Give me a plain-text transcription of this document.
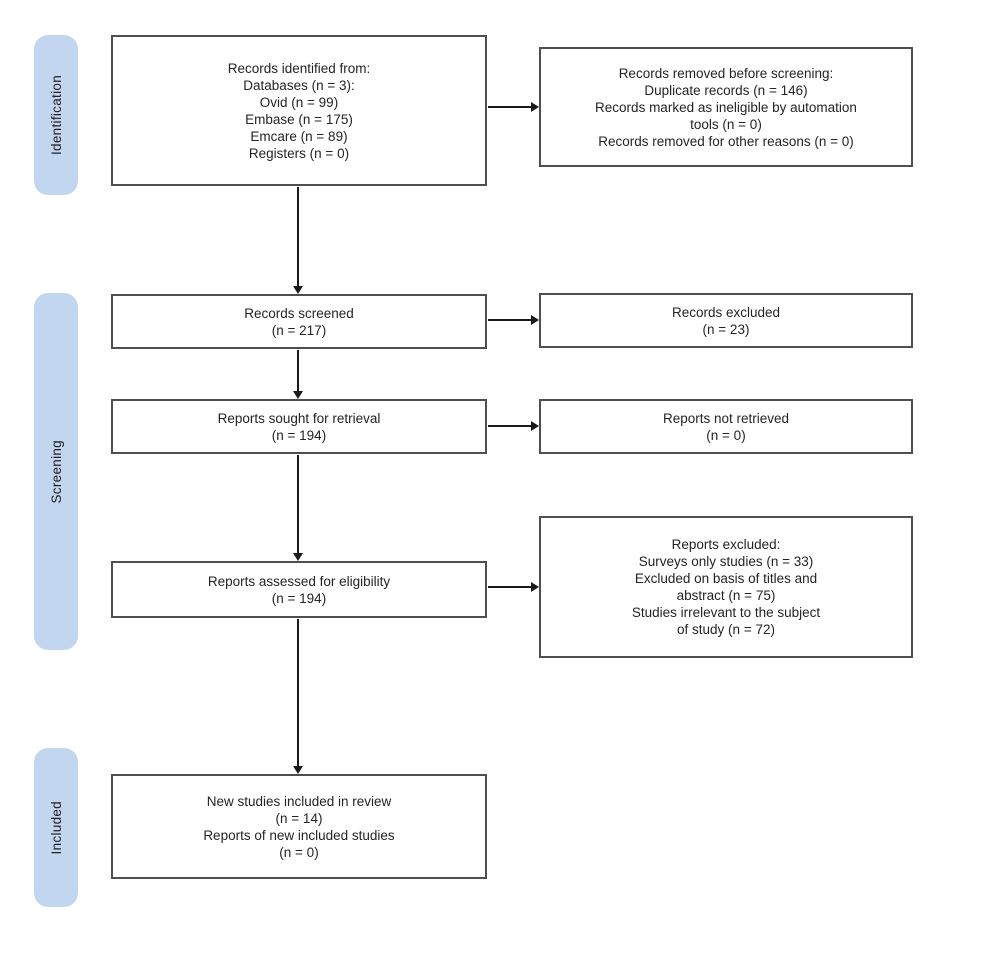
Identification
Screening
Included
Records identified from:
Databases (n = 3):
Ovid (n = 99)
Embase (n = 175)
Emcare (n = 89)
Registers (n = 0)
Records screened
(n = 217)
Reports sought for retrieval
(n = 194)
Reports assessed for eligibility
(n = 194)
New studies included in review
(n = 14)
Reports of new included studies
(n = 0)
Records removed before screening:
Duplicate records (n = 146)
Records marked as ineligible by automation
tools (n = 0)
Records removed for other reasons (n = 0)
Records excluded
(n = 23)
Reports not retrieved
(n = 0)
Reports excluded:
Surveys only studies (n = 33)
Excluded on basis of titles and
abstract (n = 75)
Studies irrelevant to the subject
of study (n = 72)
